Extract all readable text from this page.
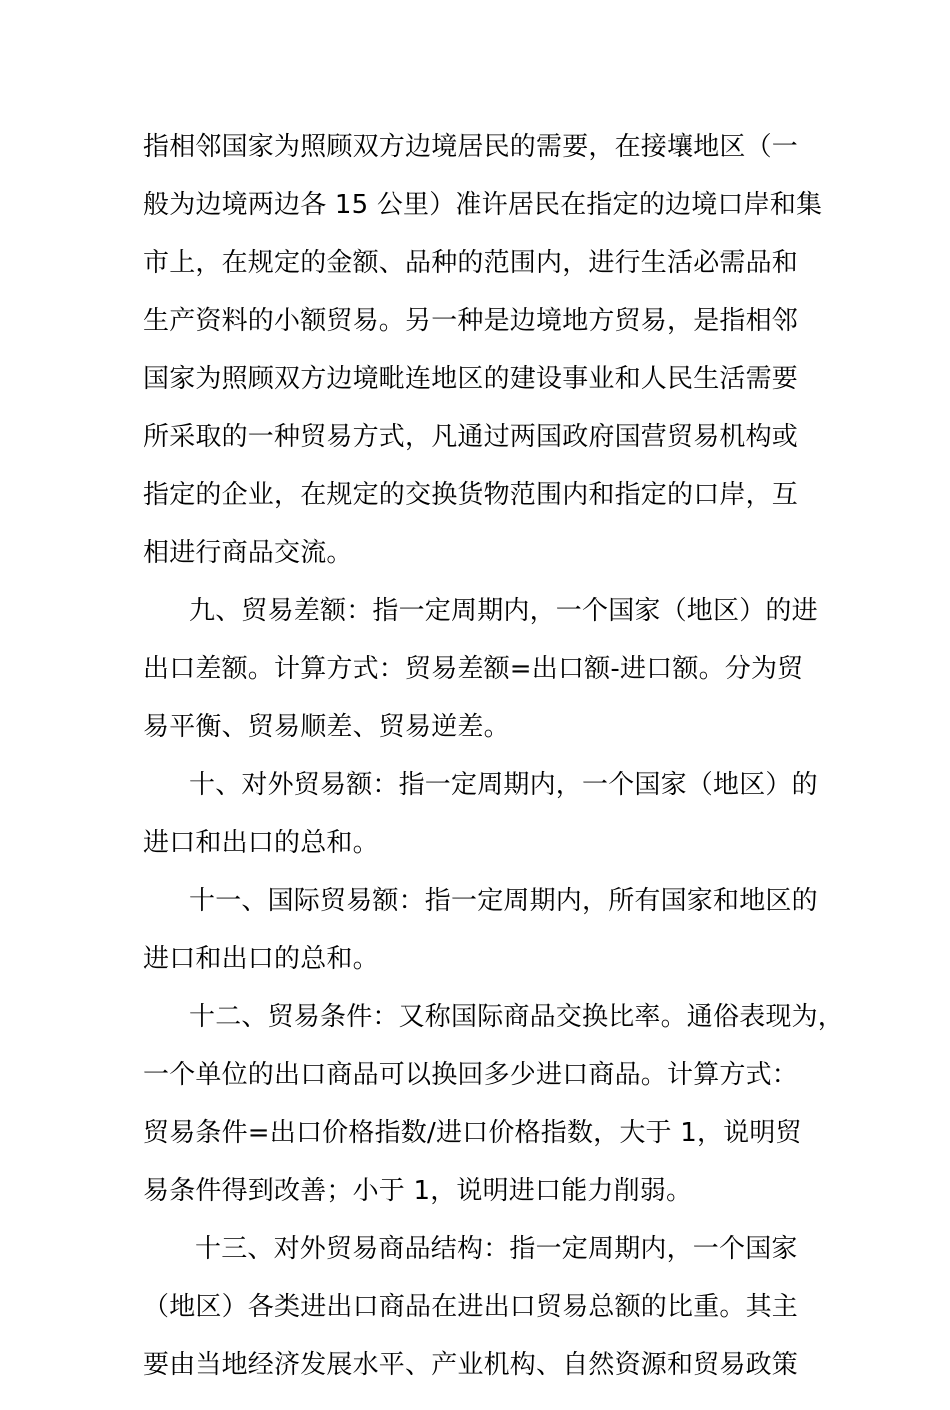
指相邻国家为照顾双方边境居民的需要，在接壤地区（一
般为边境两边各 15 公里）准许居民在指定的边境口岸和集
市上，在规定的金额、品种的范围内，进行生活必需品和
生产资料的小额贸易。另一种是边境地方贸易，是指相邻
国家为照顾双方边境毗连地区的建设事业和人民生活需要
所采取的一种贸易方式，凡通过两国政府国营贸易机构或
指定的企业，在规定的交换货物范围内和指定的口岸，互
相进行商品交流。
九、贸易差额：指一定周期内，一个国家（地区）的进
出口差额。计算方式：贸易差额=出口额-进口额。分为贸
易平衡、贸易顺差、贸易逆差。
十、对外贸易额：指一定周期内，一个国家（地区）的
进口和出口的总和。
十一、国际贸易额：指一定周期内，所有国家和地区的
进口和出口的总和。
十二、贸易条件：又称国际商品交换比率。通俗表现为，
一个单位的出口商品可以换回多少进口商品。计算方式：
贸易条件=出口价格指数/进口价格指数，大于 1，说明贸
易条件得到改善；小于 1，说明进口能力削弱。
十三、对外贸易商品结构：指一定周期内，一个国家
（地区）各类进出口商品在进出口贸易总额的比重。其主
要由当地经济发展水平、产业机构、自然资源和贸易政策
